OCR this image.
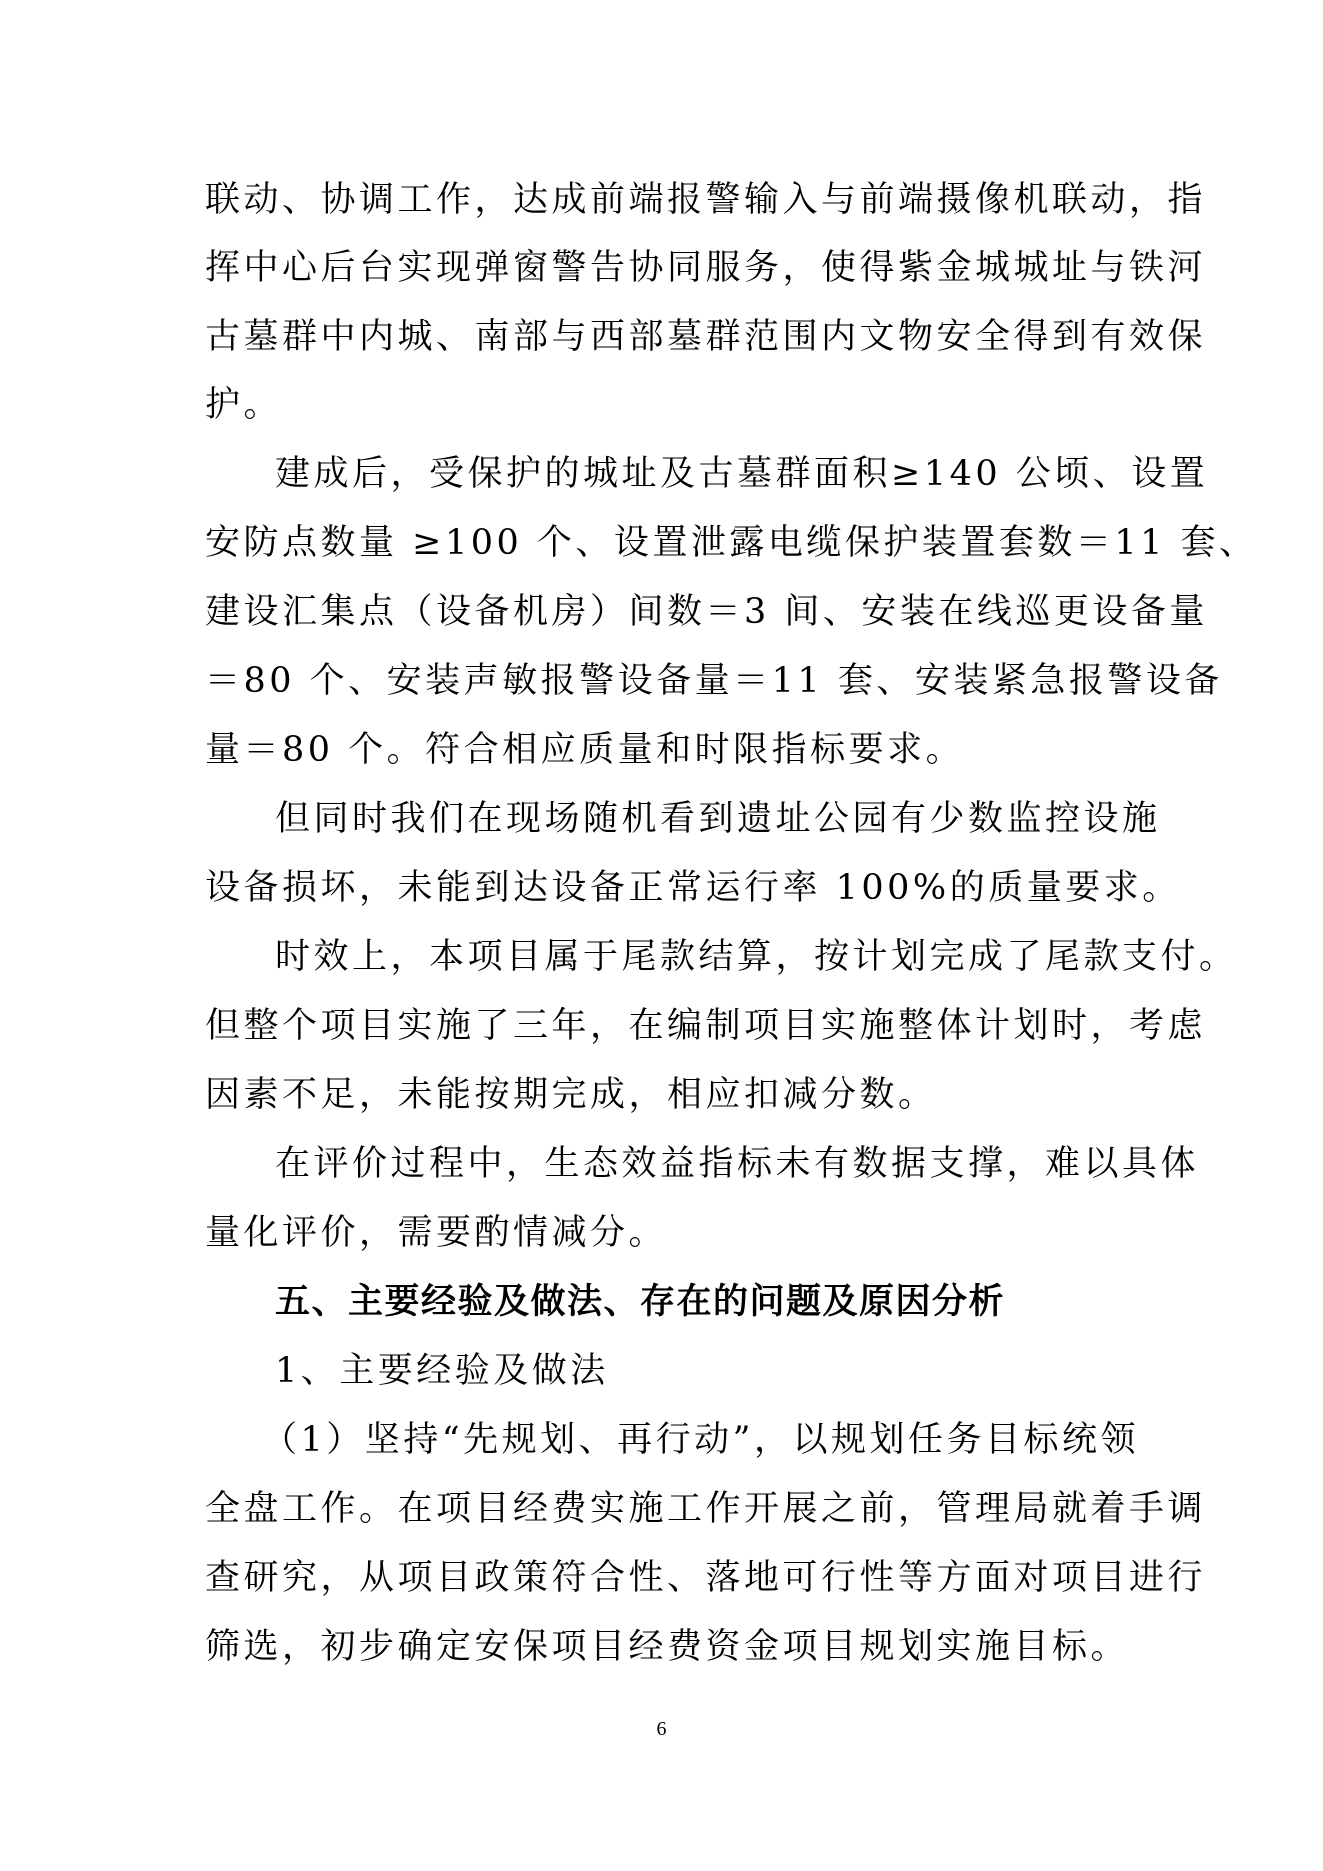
联动、协调工作，达成前端报警输入与前端摄像机联动，指
挥中心后台实现弹窗警告协同服务，使得紫金城城址与铁河
古墓群中内城、南部与西部墓群范围内文物安全得到有效保
护。
建成后，受保护的城址及古墓群面积≥140 公顷、设置
安防点数量 ≥100 个、设置泄露电缆保护装置套数＝11 套、
建设汇集点（设备机房）间数＝3 间、安装在线巡更设备量
＝80 个、安装声敏报警设备量＝11 套、安装紧急报警设备
量＝80 个。符合相应质量和时限指标要求。
但同时我们在现场随机看到遗址公园有少数监控设施
设备损坏，未能到达设备正常运行率 100%的质量要求。
时效上，本项目属于尾款结算，按计划完成了尾款支付。
但整个项目实施了三年，在编制项目实施整体计划时，考虑
因素不足，未能按期完成，相应扣减分数。
在评价过程中，生态效益指标未有数据支撑，难以具体
量化评价，需要酌情减分。
五、主要经验及做法、存在的问题及原因分析
1、主要经验及做法
（1）坚持“先规划、再行动”，以规划任务目标统领
全盘工作。在项目经费实施工作开展之前，管理局就着手调
查研究，从项目政策符合性、落地可行性等方面对项目进行
筛选，初步确定安保项目经费资金项目规划实施目标。
6
